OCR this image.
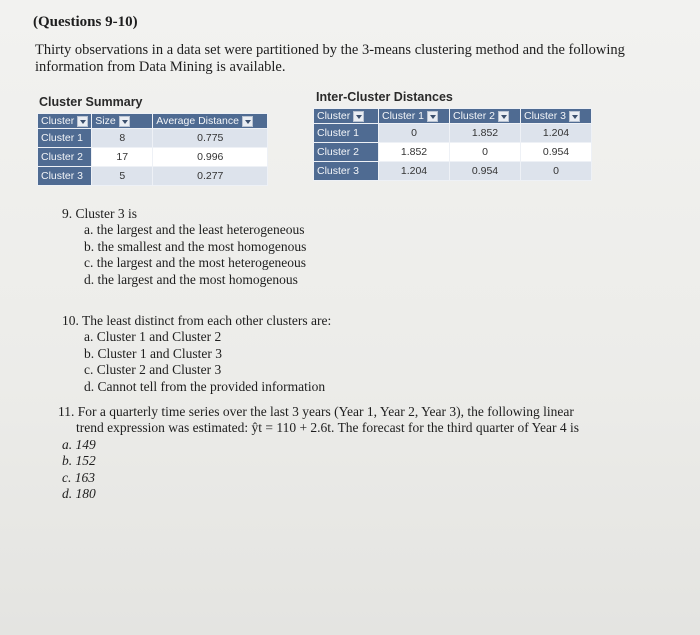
(Questions 9-10)
Thirty observations in a data set were partitioned by the 3-means clustering method and the following information from Data Mining is available.
Cluster Summary
Cluster	Size	Average Distance
Cluster 1	8	0.775
Cluster 2	17	0.996
Cluster 3	5	0.277
Inter-Cluster Distances
Cluster	Cluster 1	Cluster 2	Cluster 3
Cluster 1	0	1.852	1.204
Cluster 2	1.852	0	0.954
Cluster 3	1.204	0.954	0
9. Cluster 3 is
a. the largest and the least heterogeneous
b. the smallest and the most homogenous
c. the largest and the most heterogeneous
d. the largest and the most homogenous
10. The least distinct from each other clusters are:
a. Cluster 1 and Cluster 2
b. Cluster 1 and Cluster 3
c. Cluster 2 and Cluster 3
d. Cannot tell from the provided information
11. For a quarterly time series over the last 3 years (Year 1, Year 2, Year 3), the following linear
trend expression was estimated: ŷt = 110 + 2.6t. The forecast for the third quarter of Year 4 is
a. 149
b. 152
c. 163
d. 180
